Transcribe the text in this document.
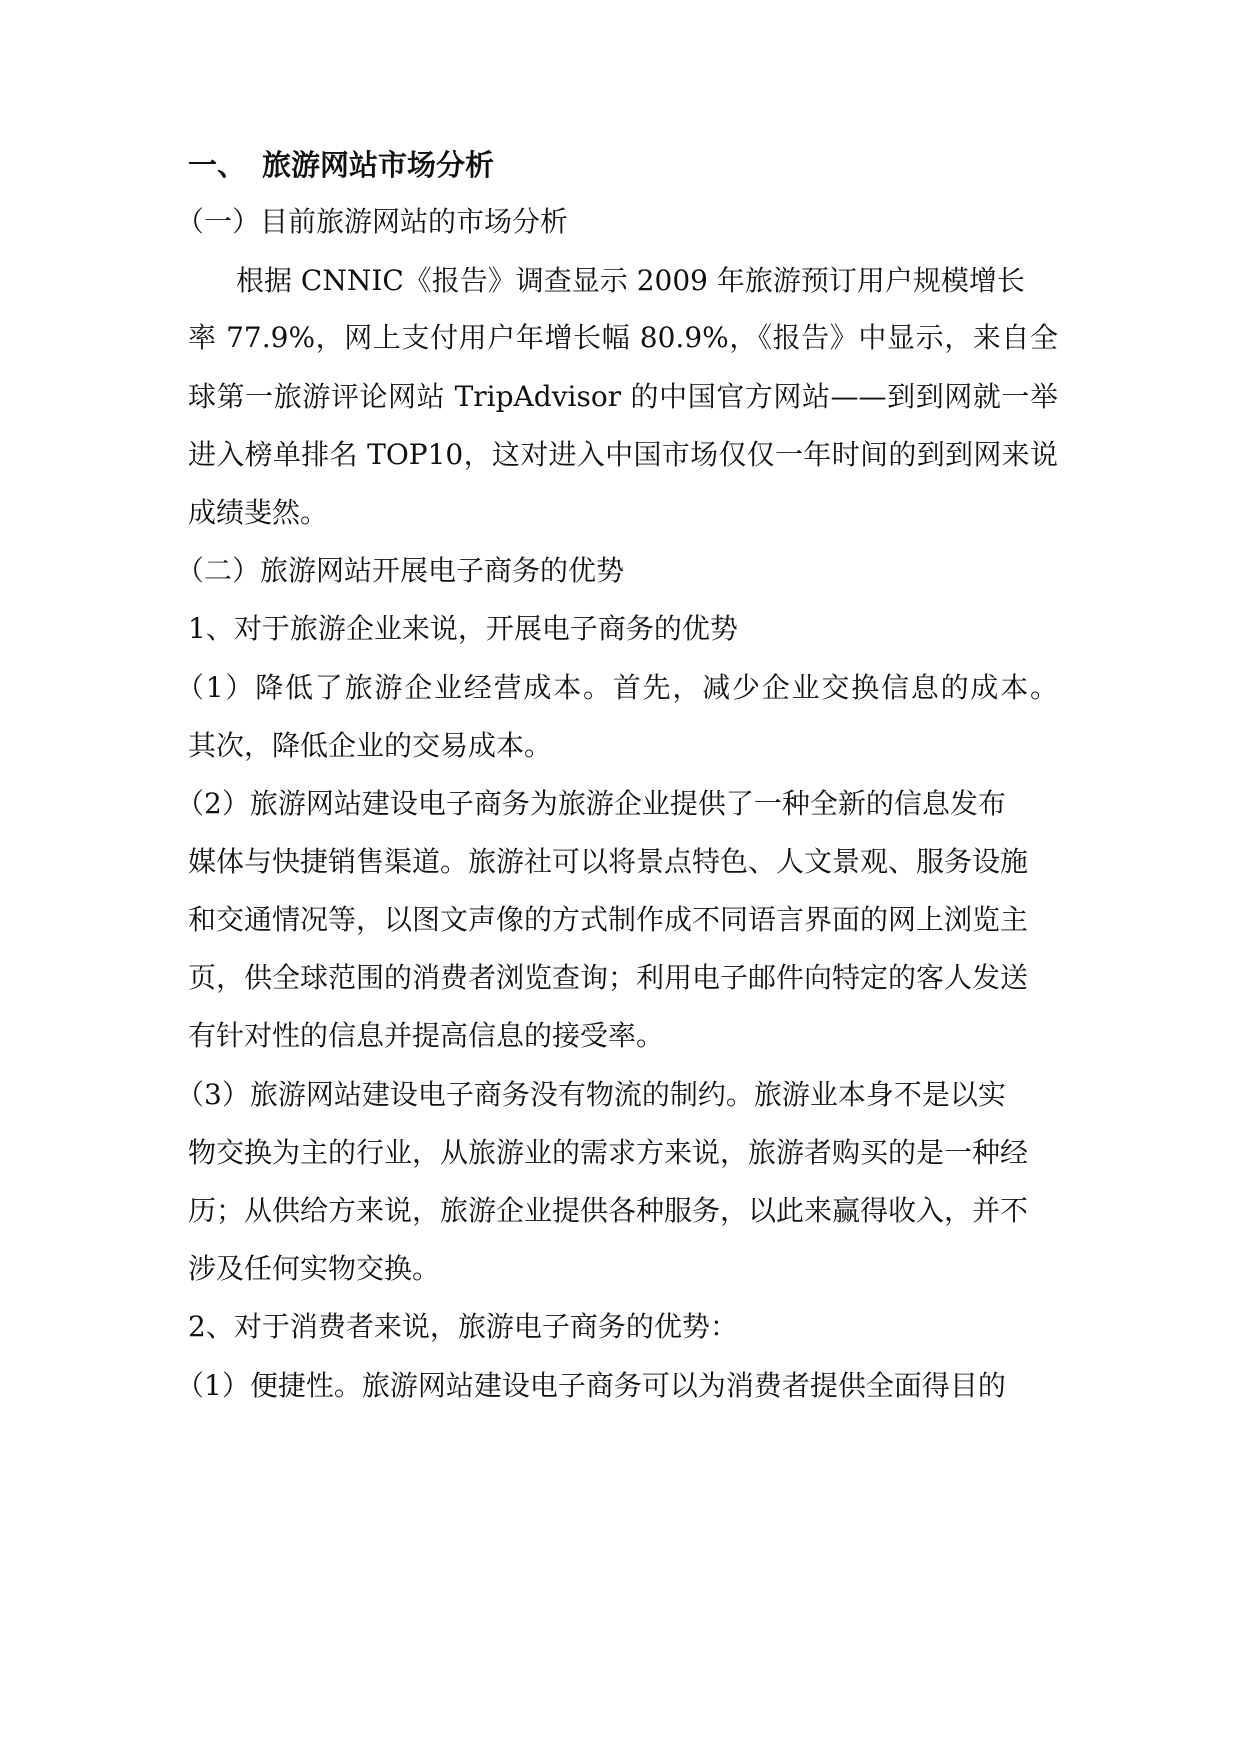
一、 旅游网站市场分析
（一）目前旅游网站的市场分析
根据 CNNIC《报告》调查显示 2009 年旅游预订用户规模增长
率 77.9%，网上支付用户年增长幅 80.9%，《报告》中显示，来自全
球第一旅游评论网站 TripAdvisor 的中国官方网站——到到网就一举
进入榜单排名 TOP10，这对进入中国市场仅仅一年时间的到到网来说
成绩斐然。
（二）旅游网站开展电子商务的优势
1、对于旅游企业来说，开展电子商务的优势
（1）降低了旅游企业经营成本。首先，减少企业交换信息的成本。
其次，降低企业的交易成本。
（2）旅游网站建设电子商务为旅游企业提供了一种全新的信息发布
媒体与快捷销售渠道。旅游社可以将景点特色、人文景观、服务设施
和交通情况等，以图文声像的方式制作成不同语言界面的网上浏览主
页，供全球范围的消费者浏览查询；利用电子邮件向特定的客人发送
有针对性的信息并提高信息的接受率。
（3）旅游网站建设电子商务没有物流的制约。旅游业本身不是以实
物交换为主的行业，从旅游业的需求方来说，旅游者购买的是一种经
历；从供给方来说，旅游企业提供各种服务，以此来赢得收入，并不
涉及任何实物交换。
2、对于消费者来说，旅游电子商务的优势：
（1）便捷性。旅游网站建设电子商务可以为消费者提供全面得目的
